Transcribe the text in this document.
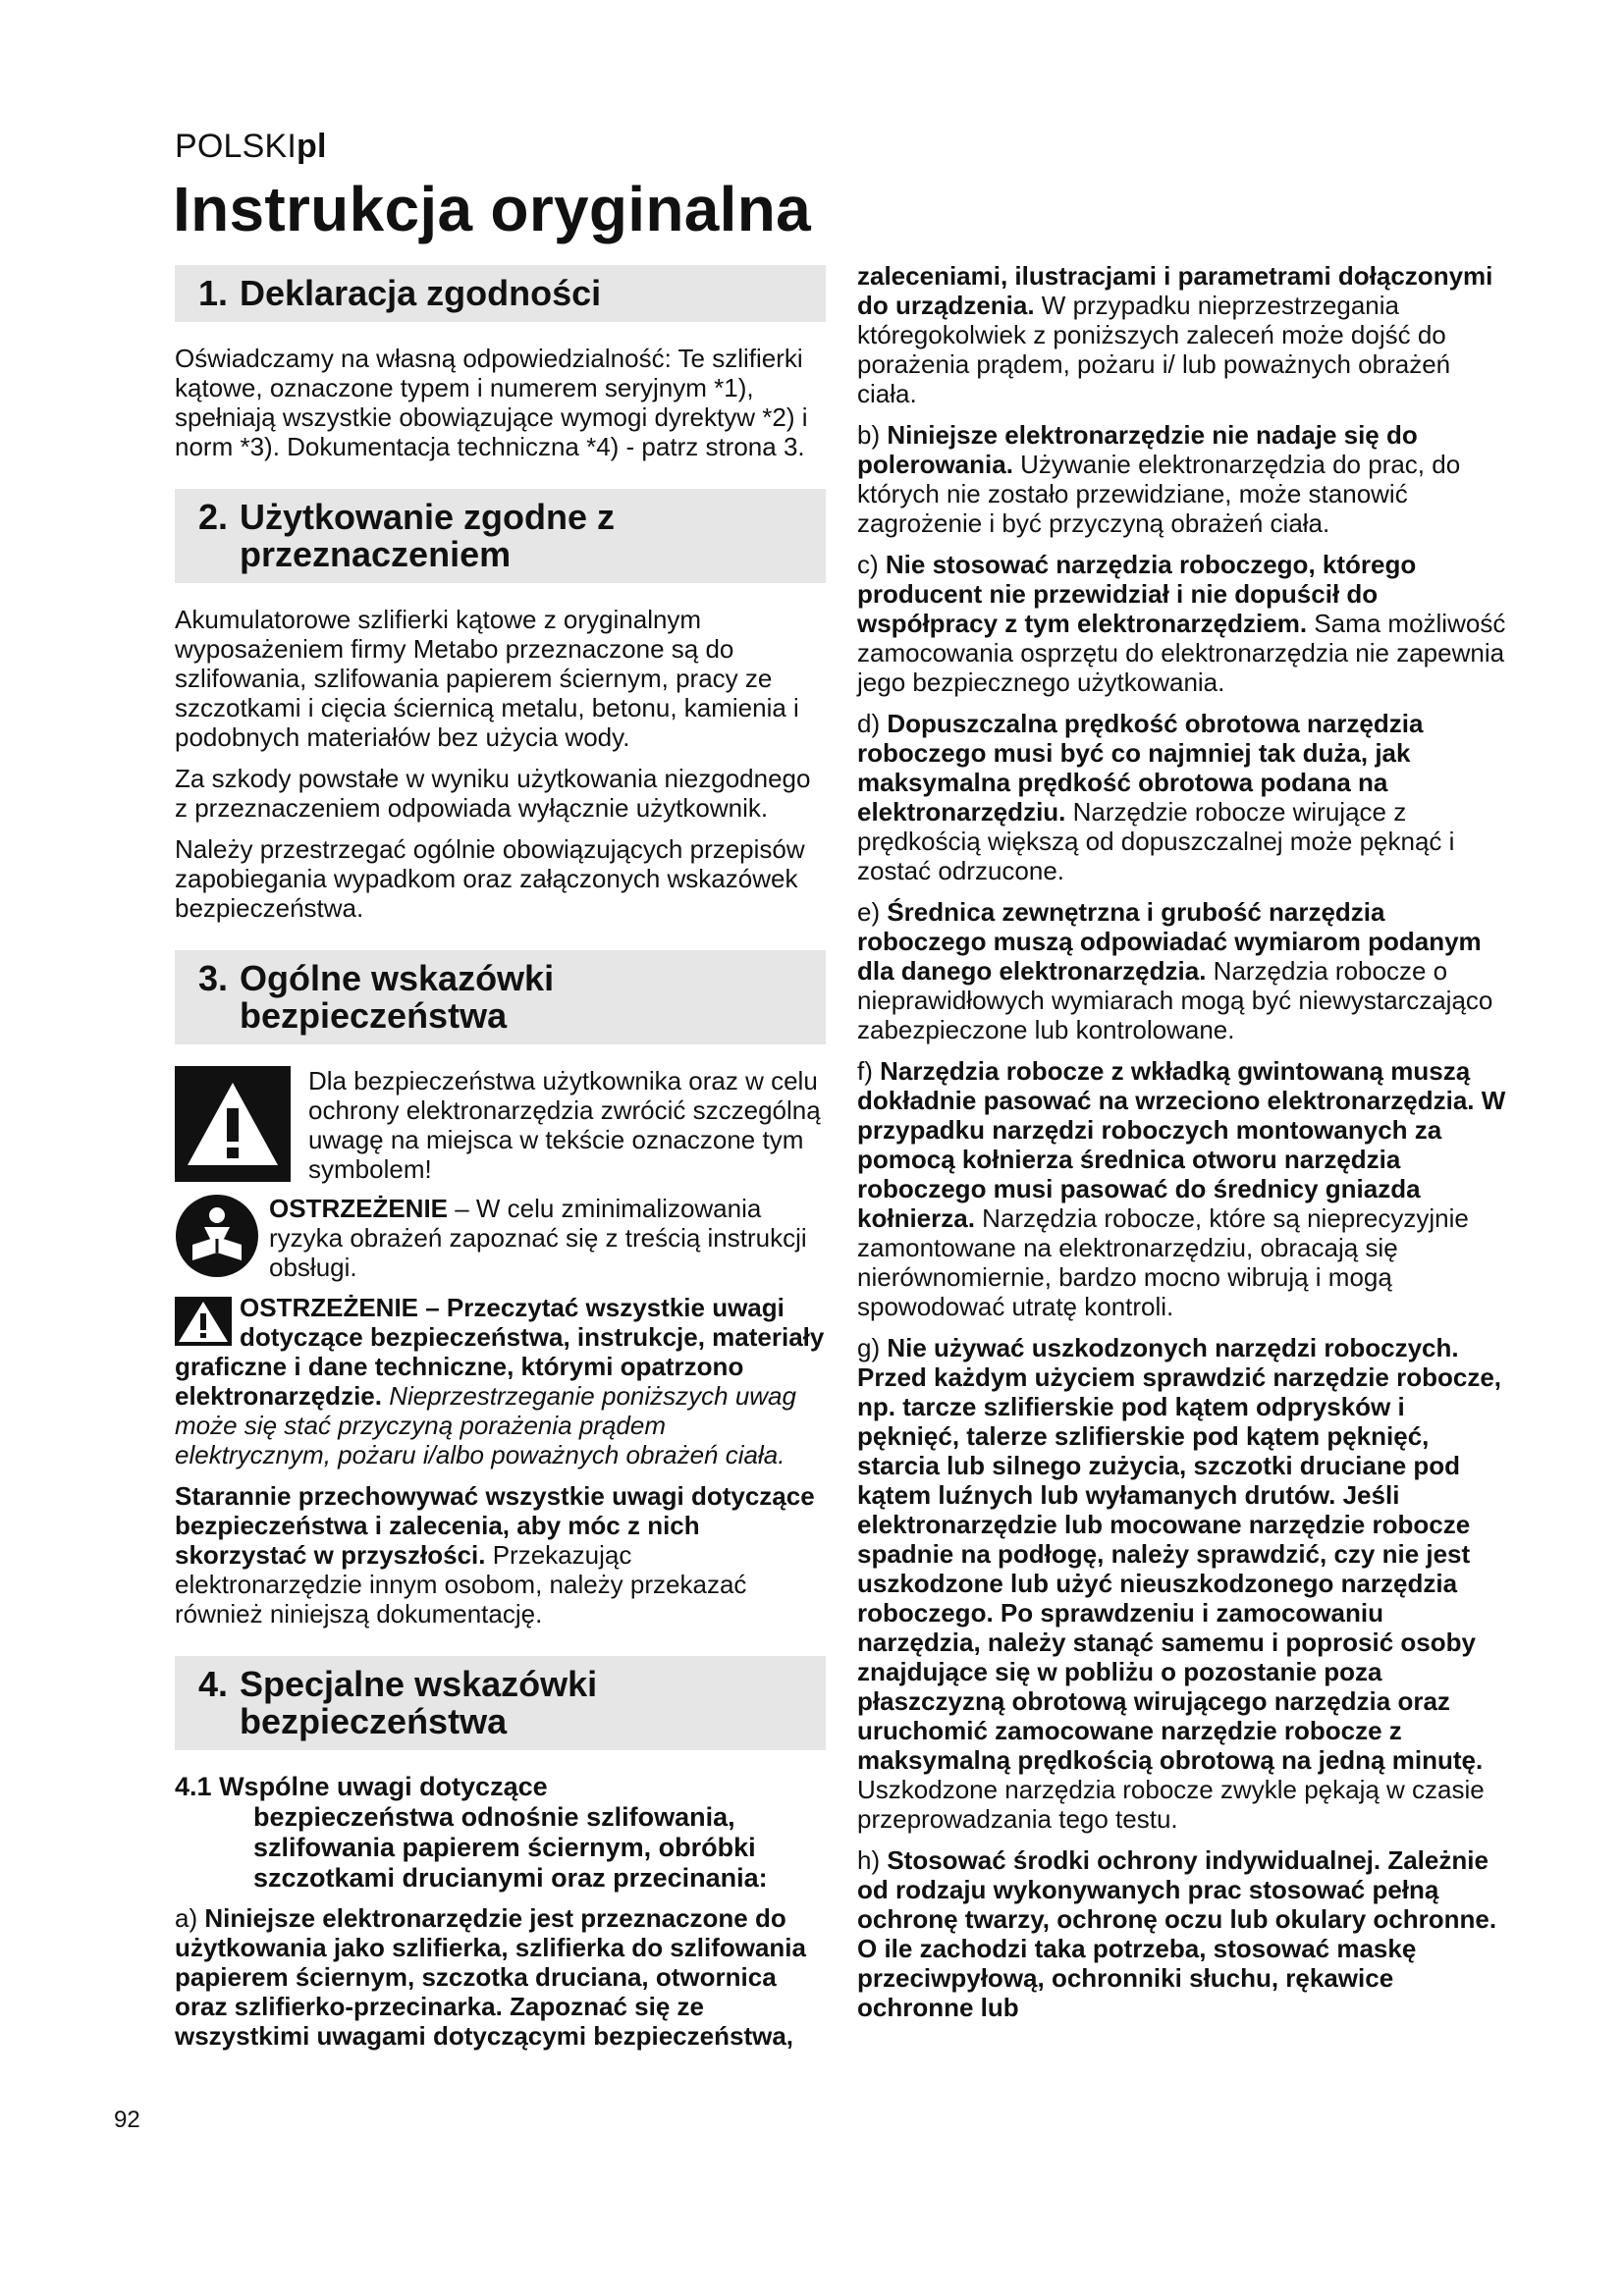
POLSKIpl
Instrukcja oryginalna
1. Deklaracja zgodności

Oświadczamy na własną odpowiedzialność: Te szlifierki kątowe, oznaczone typem i numerem seryjnym *1), spełniają wszystkie obowiązujące wymogi dyrektyw *2) i norm *3). Dokumentacja techniczna *4) - patrz strona 3.

2. Użytkowanie zgodne z
przeznaczeniem

Akumulatorowe szlifierki kątowe z oryginalnym wyposażeniem firmy Metabo przeznaczone są do szlifowania, szlifowania papierem ściernym, pracy ze szczotkami i cięcia ściernicą metalu, betonu, kamienia i podobnych materiałów bez użycia wody.

Za szkody powstałe w wyniku użytkowania niezgodnego z przeznaczeniem odpowiada wyłącznie użytkownik.

Należy przestrzegać ogólnie obowiązujących przepisów zapobiegania wypadkom oraz załączonych wskazówek bezpieczeństwa.

3. Ogólne wskazówki
bezpieczeństwa

Dla bezpieczeństwa użytkownika oraz w celu ochrony elektronarzędzia zwrócić szczególną uwagę na miejsca w tekście oznaczone tym symbolem!

OSTRZEŻENIE – W celu zminimalizowania ryzyka obrażeń zapoznać się z treścią instrukcji obsługi.

OSTRZEŻENIE – Przeczytać wszystkie uwagi dotyczące bezpieczeństwa, instrukcje, materiały graficzne i dane techniczne, którymi opatrzono elektronarzędzie. Nieprzestrzeganie poniższych uwag może się stać przyczyną porażenia prądem elektrycznym, pożaru i/albo poważnych obrażeń ciała.

Starannie przechowywać wszystkie uwagi dotyczące bezpieczeństwa i zalecenia, aby móc z nich skorzystać w przyszłości. Przekazując elektronarzędzie innym osobom, należy przekazać również niniejszą dokumentację.

4. Specjalne wskazówki
bezpieczeństwa
4.1 Wspólne uwagi dotyczące
bezpieczeństwa odnośnie szlifowania, szlifowania papierem ściernym, obróbki szczotkami drucianymi oraz przecinania:

a) Niniejsze elektronarzędzie jest przeznaczone do użytkowania jako szlifierka, szlifierka do szlifowania papierem ściernym, szczotka druciana, otwornica oraz szlifierko-przecinarka. Zapoznać się ze wszystkimi uwagami dotyczącymi bezpieczeństwa,

zaleceniami, ilustracjami i parametrami dołączonymi do urządzenia. W przypadku nieprzestrzegania któregokolwiek z poniższych zaleceń może dojść do porażenia prądem, pożaru i/ lub poważnych obrażeń ciała.

b) Niniejsze elektronarzędzie nie nadaje się do polerowania. Używanie elektronarzędzia do prac, do których nie zostało przewidziane, może stanowić zagrożenie i być przyczyną obrażeń ciała.

c) Nie stosować narzędzia roboczego, którego producent nie przewidział i nie dopuścił do współpracy z tym elektronarzędziem. Sama możliwość zamocowania osprzętu do elektronarzędzia nie zapewnia jego bezpiecznego użytkowania.

d) Dopuszczalna prędkość obrotowa narzędzia roboczego musi być co najmniej tak duża, jak maksymalna prędkość obrotowa podana na elektronarzędziu. Narzędzie robocze wirujące z prędkością większą od dopuszczalnej może pęknąć i zostać odrzucone.

e) Średnica zewnętrzna i grubość narzędzia roboczego muszą odpowiadać wymiarom podanym dla danego elektronarzędzia. Narzędzia robocze o nieprawidłowych wymiarach mogą być niewystarczająco zabezpieczone lub kontrolowane.

f) Narzędzia robocze z wkładką gwintowaną muszą dokładnie pasować na wrzeciono elektronarzędzia. W przypadku narzędzi roboczych montowanych za pomocą kołnierza średnica otworu narzędzia roboczego musi pasować do średnicy gniazda kołnierza. Narzędzia robocze, które są nieprecyzyjnie zamontowane na elektronarzędziu, obracają się nierównomiernie, bardzo mocno wibrują i mogą spowodować utratę kontroli.

g) Nie używać uszkodzonych narzędzi roboczych. Przed każdym użyciem sprawdzić narzędzie robocze, np. tarcze szlifierskie pod kątem odprysków i pęknięć, talerze szlifierskie pod kątem pęknięć, starcia lub silnego zużycia, szczotki druciane pod kątem luźnych lub wyłamanych drutów. Jeśli elektronarzędzie lub mocowane narzędzie robocze spadnie na podłogę, należy sprawdzić, czy nie jest uszkodzone lub użyć nieuszkodzonego narzędzia roboczego. Po sprawdzeniu i zamocowaniu narzędzia, należy stanąć samemu i poprosić osoby znajdujące się w pobliżu o pozostanie poza płaszczyzną obrotową wirującego narzędzia oraz uruchomić zamocowane narzędzie robocze z maksymalną prędkością obrotową na jedną minutę. Uszkodzone narzędzia robocze zwykle pękają w czasie przeprowadzania tego testu.

h) Stosować środki ochrony indywidualnej. Zależnie od rodzaju wykonywanych prac stosować pełną ochronę twarzy, ochronę oczu lub okulary ochronne. O ile zachodzi taka potrzeba, stosować maskę przeciwpyłową, ochronniki słuchu, rękawice ochronne lub

92
